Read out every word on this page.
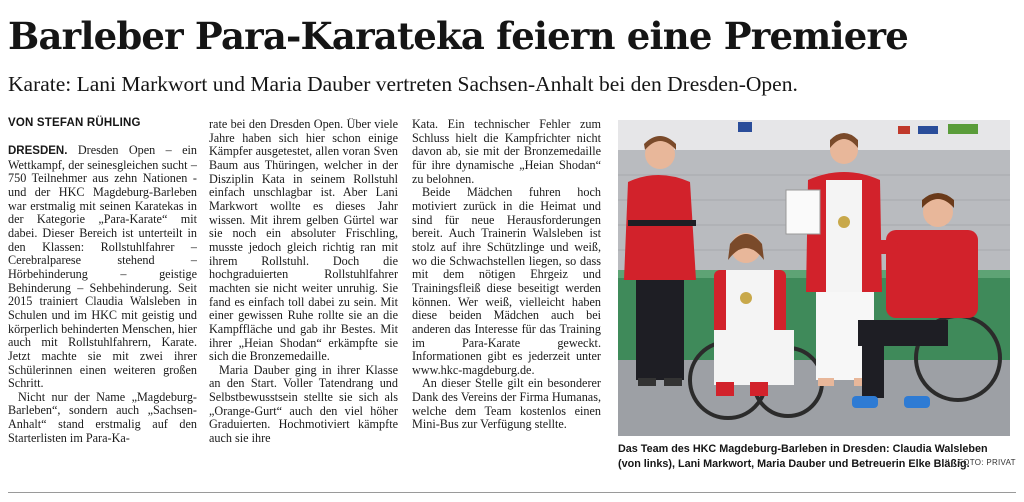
Barleber Para-Karateka feiern eine Premiere
Karate: Lani Markwort und Maria Dauber vertreten Sachsen-Anhalt bei den Dresden-Open.
VON STEFAN RÜHLING

DRESDEN. Dresden Open – ein Wettkampf, der seinesgleichen sucht – 750 Teilnehmer aus zehn Nationen - und der HKC Magdeburg-Barleben war erstmalig mit seinen Karatekas in der Kategorie „Para-Karate“ mit dabei. Dieser Bereich ist unterteilt in den Klassen: Rollstuhlfahrer – Cerebralparese stehend – Hörbehinderung – geistige Behinderung – Sehbehinderung. Seit 2015 trainiert Claudia Walsleben in Schulen und im HKC mit geistig und körperlich behinderten Menschen, hier auch mit Rollstuhlfahrern, Karate. Jetzt machte sie mit zwei ihrer Schülerinnen einen weiteren großen Schritt.

Nicht nur der Name „Magdeburg-Barleben“, sondern auch „Sachsen-Anhalt“ stand erstmalig auf den Starterlisten im Para-Ka-

rate bei den Dresden Open. Über viele Jahre haben sich hier schon einige Kämpfer ausgetestet, allen voran Sven Baum aus Thüringen, welcher in der Disziplin Kata in seinem Rollstuhl einfach unschlagbar ist. Aber Lani Markwort wollte es dieses Jahr wissen. Mit ihrem gelben Gürtel war sie noch ein absoluter Frischling, musste jedoch gleich richtig ran mit ihrem Rollstuhl. Doch die hochgraduierten Rollstuhlfahrer machten sie nicht weiter unruhig. Sie fand es einfach toll dabei zu sein. Mit einer gewissen Ruhe rollte sie an die Kampffläche und gab ihr Bestes. Mit ihrer „Heian Shodan“ erkämpfte sie sich die Bronzemedaille.

Maria Dauber ging in ihrer Klasse an den Start. Voller Tatendrang und Selbstbewusstsein stellte sie sich als „Orange-Gurt“ auch den viel höher Graduierten. Hochmotiviert kämpfte auch sie ihre

Kata. Ein technischer Fehler zum Schluss hielt die Kampfrichter nicht davon ab, sie mit der Bronzemedaille für ihre dynamische „Heian Shodan“ zu belohnen.

Beide Mädchen fuhren hoch motiviert zurück in die Heimat und sind für neue Herausforderungen bereit. Auch Trainerin Walsleben ist stolz auf ihre Schützlinge und weiß, wo die Schwachstellen liegen, so dass mit dem nötigen Ehrgeiz und Trainingsfleiß diese beseitigt werden können. Wer weiß, vielleicht haben diese beiden Mädchen auch bei anderen das Interesse für das Training im Para-Karate geweckt. Informationen gibt es jederzeit unter www.hkc-magdeburg.de.

An dieser Stelle gilt ein besonderer Dank des Vereins der Firma Humanas, welche dem Team kostenlos einen Mini-Bus zur Verfügung stellte.

Das Team des HKC Magdeburg-Barleben in Dresden: Claudia Walsleben (von links), Lani Markwort, Maria Dauber und Betreuerin Elke Bläßig.
FOTO: PRIVAT
